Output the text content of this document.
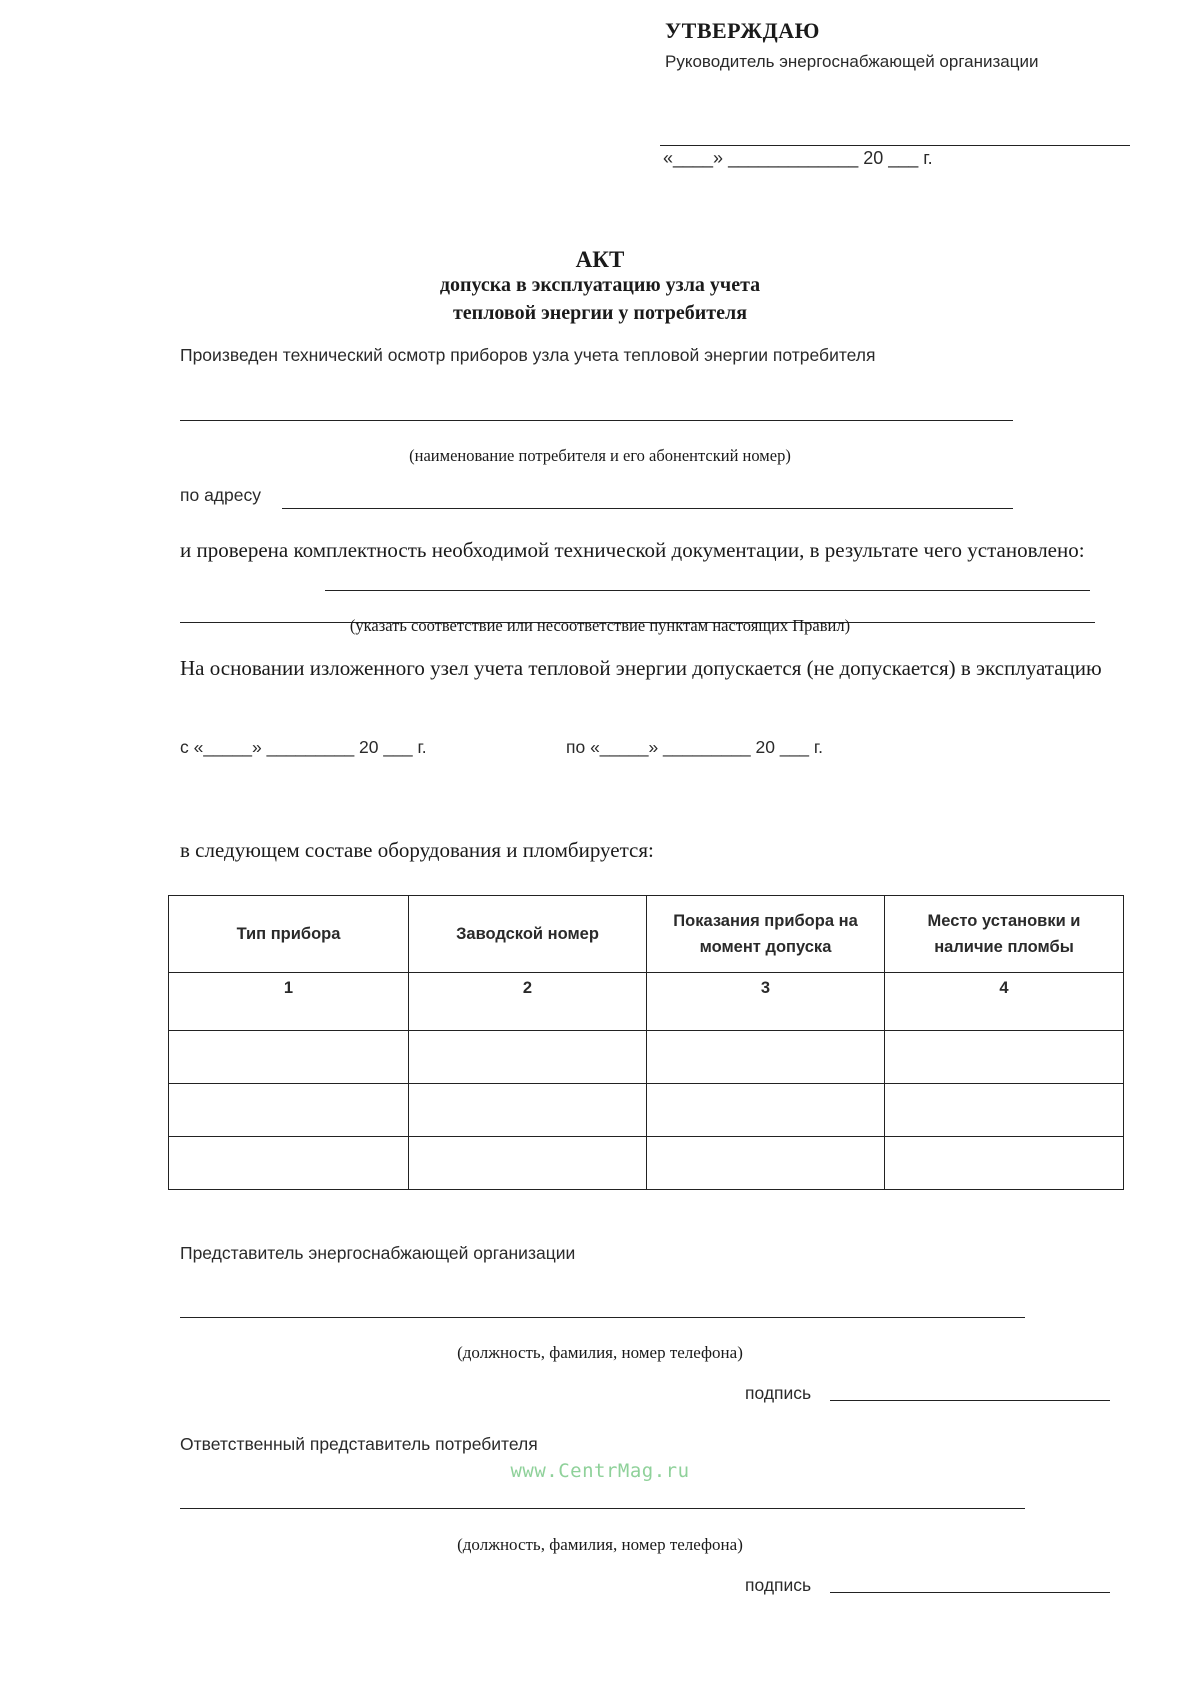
УТВЕРЖДАЮ
Руководитель энергоснабжающей организации
«____» _____________ 20 ___ г.
АКТ
допуска в эксплуатацию узла учета
тепловой энергии у потребителя
Произведен технический осмотр приборов узла учета тепловой энергии потребителя
(наименование потребителя и его абонентский номер)
по адресу
и проверена комплектность необходимой технической документации, в результате чего установлено:
(указать соответствие или несоответствие пунктам настоящих Правил)
На основании изложенного узел учета тепловой энергии допускается (не допускается) в эксплуатацию
с «_____» _________ 20 ___ г.	по «_____» _________ 20 ___ г.
в следующем составе оборудования и пломбируется:
Тип прибора	Заводской номер	Показания прибора на момент допуска	Место установки и наличие пломбы
1	2	3	4

Представитель энергоснабжающей организации
(должность, фамилия, номер телефона)
подпись
Ответственный представитель потребителя
www.CentrMag.ru
(должность, фамилия, номер телефона)
подпись
